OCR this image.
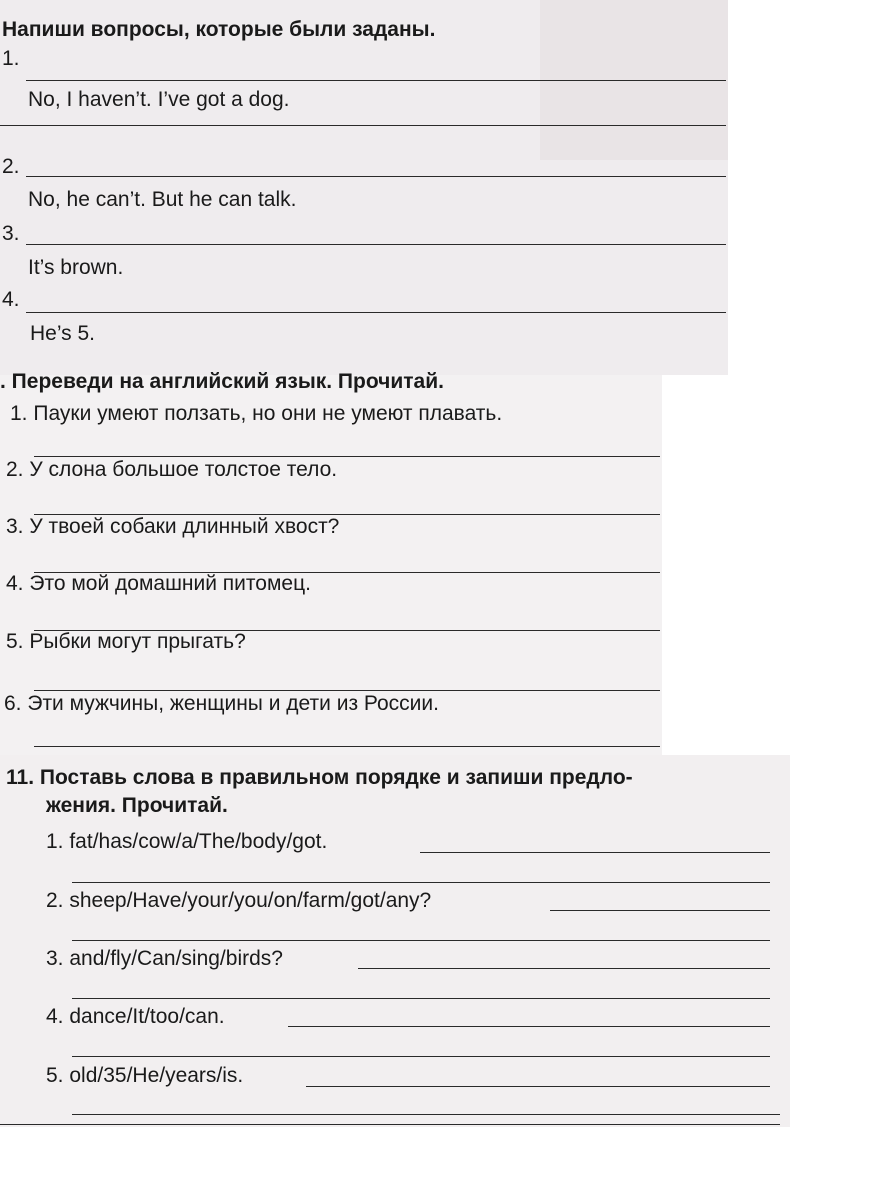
Напиши вопросы, которые были заданы.
1.
No, I haven’t. I’ve got a dog.
2.
No, he can’t. But he can talk.
3.
It’s brown.
4.
He’s 5.
. Переведи на английский язык. Прочитай.
1. Пауки умеют ползать, но они не умеют плавать.
2. У слона большое толстое тело.
3. У твоей собаки длинный хвост?
4. Это мой домашний питомец.
5. Рыбки могут прыгать?
6. Эти мужчины, женщины и дети из России.
11. Поставь слова в правильном порядке и запиши предло-
жения. Прочитай.
1. fat/has/cow/a/The/body/got.
2. sheep/Have/your/you/on/farm/got/any?
3. and/fly/Can/sing/birds?
4. dance/It/too/can.
5. old/35/He/years/is.
